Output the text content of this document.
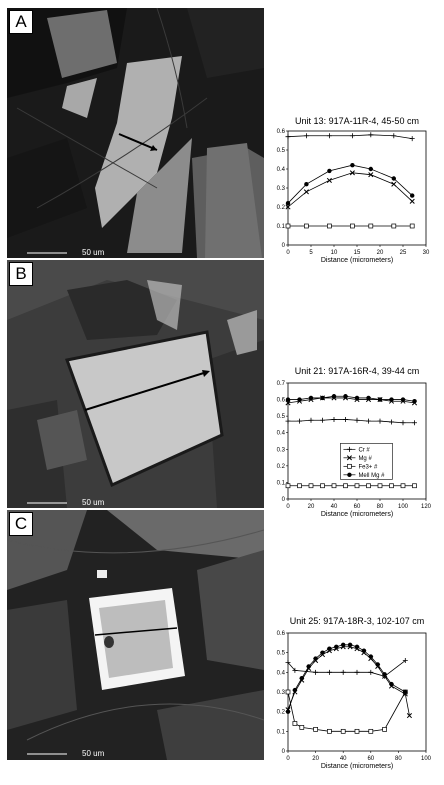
A
50 um
B
50 um
C
50 um
Unit 13: 917A-11R-4, 45-50 cm
0
0.1
0.2
0.3
0.4
0.5
0.6
0	5	10	15	20	25	30
Distance (micrometers)
Unit 21: 917A-16R-4, 39-44 cm
0
0.1
0.2
0.3
0.4
0.5
0.6
0.7
0	20	40	60	80 100 120
Distance (micrometers)
Cr #
Mg #
Fe3+ #
Mell Mg #
Unit 25: 917A-18R-3, 102-107 cm
0
0.1
0.2
0.3
0.4
0.5
0.6
0	20	40	60	80	100
Distance (micrometers)
